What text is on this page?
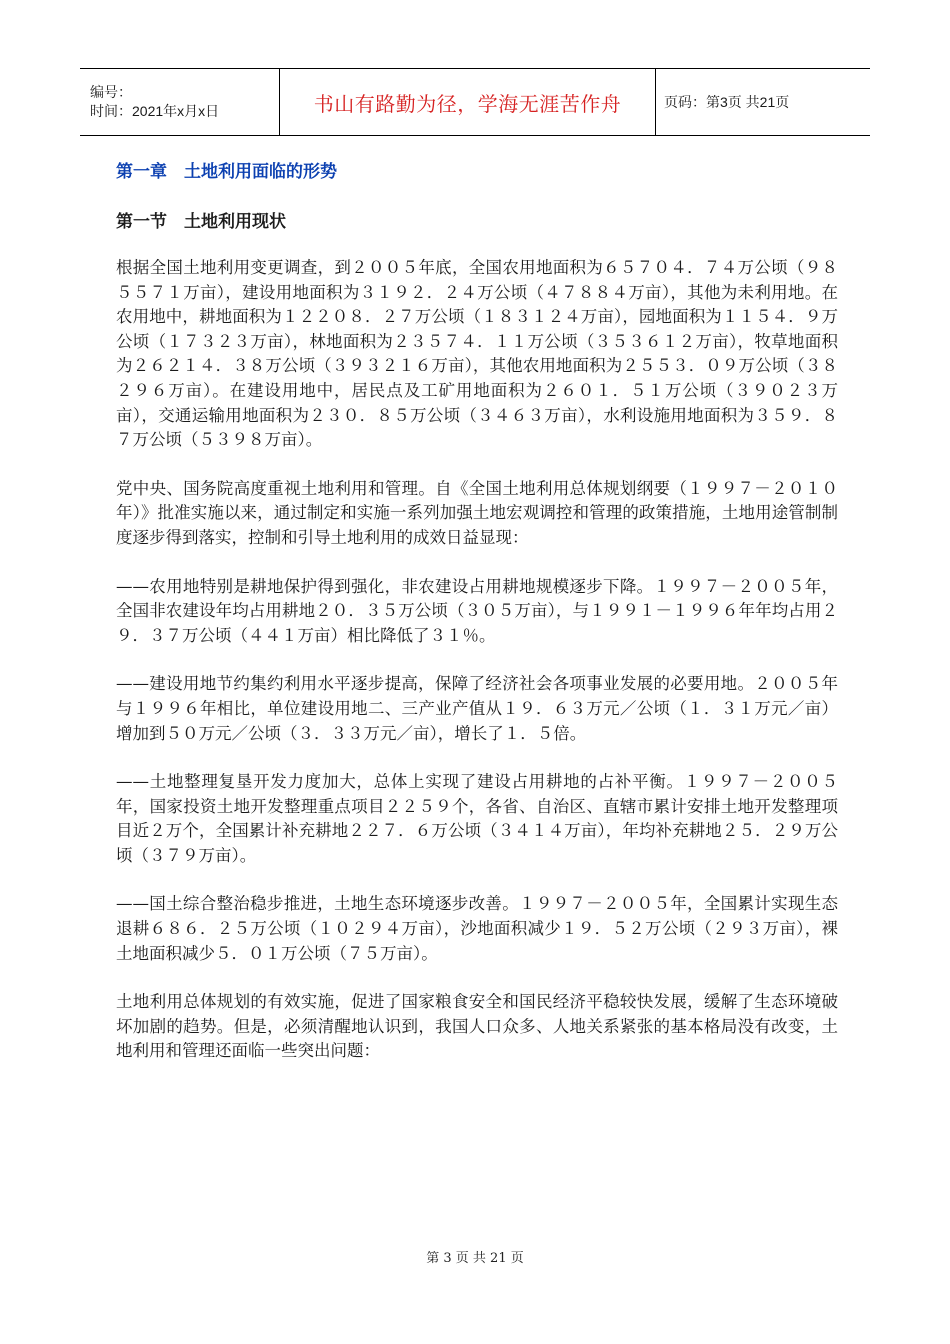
编号：
时间：2021年x月x日	书山有路勤为径，学海无涯苦作舟	页码：第3页 共21页
第一章　土地利用面临的形势
第一节　土地利用现状

根据全国土地利用变更调查，到２００５年底，全国农用地面积为６５７０４．７４万公顷（９８５５７１万亩），建设用地面积为３１９２．２４万公顷（４７８８４万亩），其他为未利用地。在农用地中，耕地面积为１２２０８．２７万公顷（１８３１２４万亩），园地面积为１１５４．９万公顷（１７３２３万亩），林地面积为２３５７４．１１万公顷（３５３６１２万亩），牧草地面积为２６２１４．３８万公顷（３９３２１６万亩），其他农用地面积为２５５３．０９万公顷（３８２９６万亩）。在建设用地中，居民点及工矿用地面积为２６０１．５１万公顷（３９０２３万亩），交通运输用地面积为２３０．８５万公顷（３４６３万亩），水利设施用地面积为３５９．８７万公顷（５３９８万亩）。

党中央、国务院高度重视土地利用和管理。自《全国土地利用总体规划纲要（１９９７－２０１０年）》批准实施以来，通过制定和实施一系列加强土地宏观调控和管理的政策措施，土地用途管制制度逐步得到落实，控制和引导土地利用的成效日益显现：

——农用地特别是耕地保护得到强化，非农建设占用耕地规模逐步下降。１９９７－２００５年，全国非农建设年均占用耕地２０．３５万公顷（３０５万亩），与１９９１－１９９６年年均占用２９．３７万公顷（４４１万亩）相比降低了３１％。

——建设用地节约集约利用水平逐步提高，保障了经济社会各项事业发展的必要用地。２００５年与１９９６年相比，单位建设用地二、三产业产值从１９．６３万元／公顷（１．３１万元／亩）增加到５０万元／公顷（３．３３万元／亩），增长了１．５倍。

——土地整理复垦开发力度加大，总体上实现了建设占用耕地的占补平衡。１９９７－２００５年，国家投资土地开发整理重点项目２２５９个，各省、自治区、直辖市累计安排土地开发整理项目近２万个，全国累计补充耕地２２７．６万公顷（３４１４万亩），年均补充耕地２５．２９万公顷（３７９万亩）。

——国土综合整治稳步推进，土地生态环境逐步改善。１９９７－２００５年，全国累计实现生态退耕６８６．２５万公顷（１０２９４万亩），沙地面积减少１９．５２万公顷（２９３万亩），裸土地面积减少５．０１万公顷（７５万亩）。

土地利用总体规划的有效实施，促进了国家粮食安全和国民经济平稳较快发展，缓解了生态环境破坏加剧的趋势。但是，必须清醒地认识到，我国人口众多、人地关系紧张的基本格局没有改变，土地利用和管理还面临一些突出问题：

第 3 页 共 21 页
